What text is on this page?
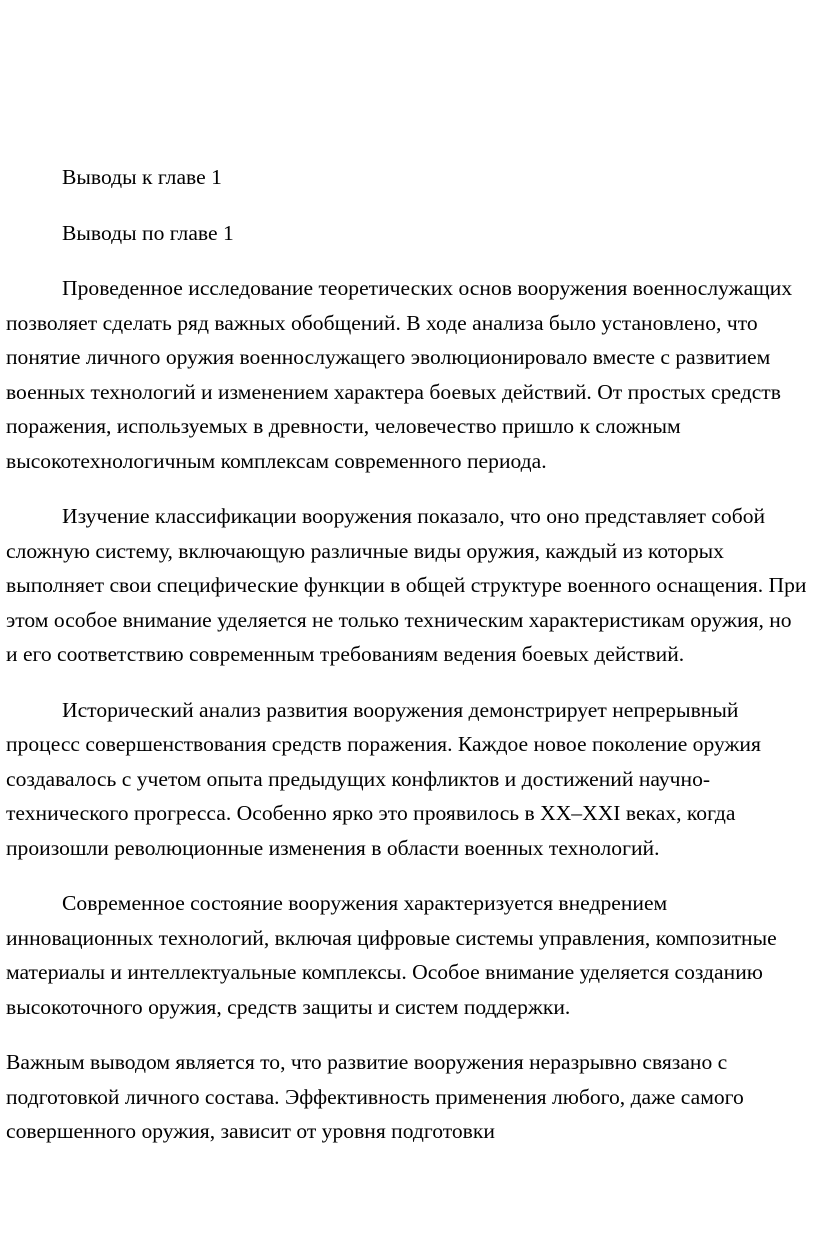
Выводы к главе 1

Выводы по главе 1

Проведенное исследование теоретических основ вооружения военнослужащих позволяет сделать ряд важных обобщений. В ходе анализа было установлено, что понятие личного оружия военнослужащего эволюционировало вместе с развитием военных технологий и изменением характера боевых действий. От простых средств поражения, используемых в древности, человечество пришло к сложным высокотехнологичным комплексам современного периода.

Изучение классификации вооружения показало, что оно представляет собой сложную систему, включающую различные виды оружия, каждый из которых выполняет свои специфические функции в общей структуре военного оснащения. При этом особое внимание уделяется не только техническим характеристикам оружия, но и его соответствию современным требованиям ведения боевых действий.

Исторический анализ развития вооружения демонстрирует непрерывный процесс совершенствования средств поражения. Каждое новое поколение оружия создавалось с учетом опыта предыдущих конфликтов и достижений научно-технического прогресса. Особенно ярко это проявилось в XX–XXI веках, когда произошли революционные изменения в области военных технологий.

Современное состояние вооружения характеризуется внедрением инновационных технологий, включая цифровые системы управления, композитные материалы и интеллектуальные комплексы. Особое внимание уделяется созданию высокоточного оружия, средств защиты и систем поддержки.

Важным выводом является то, что развитие вооружения неразрывно связано с подготовкой личного состава. Эффективность применения любого, даже самого совершенного оружия, зависит от уровня подготовки
